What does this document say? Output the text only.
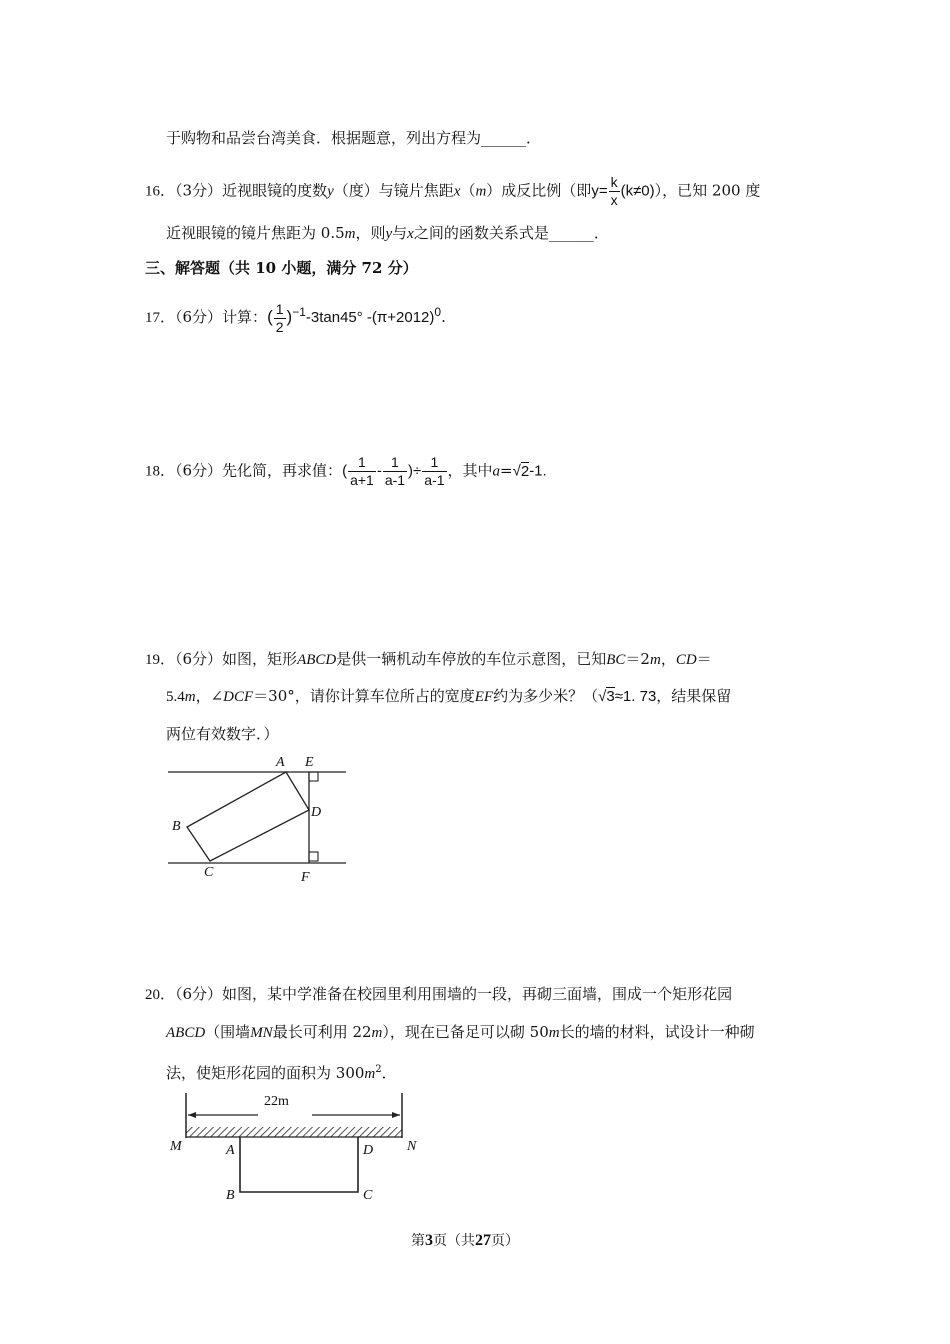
于购物和品尝台湾美食．根据题意，列出方程为______．
16．（3分）近视眼镜的度数y（度）与镜片焦距x（m）成反比例（即$y= \frac{k}{x} (k\ne 0)$），已知 200 度
近视眼镜的镜片焦距为 0.5m，则y与x之间的函数关系式是______．
三、解答题（共 10 小题，满分 72 分）
17．（6分）计算：( $\frac{1}{2} )^{-1}-3\tan 45^\circ$ $-(\pi+2012)^0$.
18．（6分）先化简，再求值：( $\frac{1}{a+1} - \frac{1}{a-1}$ )÷ $\frac{1}{a-1}$ ，其中a=√2-1.
19．（6分）如图，矩形ABCD是供一辆机动车停放的车位示意图，已知BC＝2m，CD＝
5.4m，∠DCF＝30°，请你计算车位所占的宽度EF约为多少米？（√3≈1. 73，结果保留
两位有效数字．）
A E
D
B
C	F
20．（6分）如图，某中学准备在校园里利用围墙的一段，再砌三面墙，围成一个矩形花园
ABCD（围墙MN最长可利用 22m），现在已备足可以砌 50m长的墙的材料，试设计一种砌
法，使矩形花园的面积为 $300m^2$．
22m
M	N
A	D
B	C
第3页（共27页）
